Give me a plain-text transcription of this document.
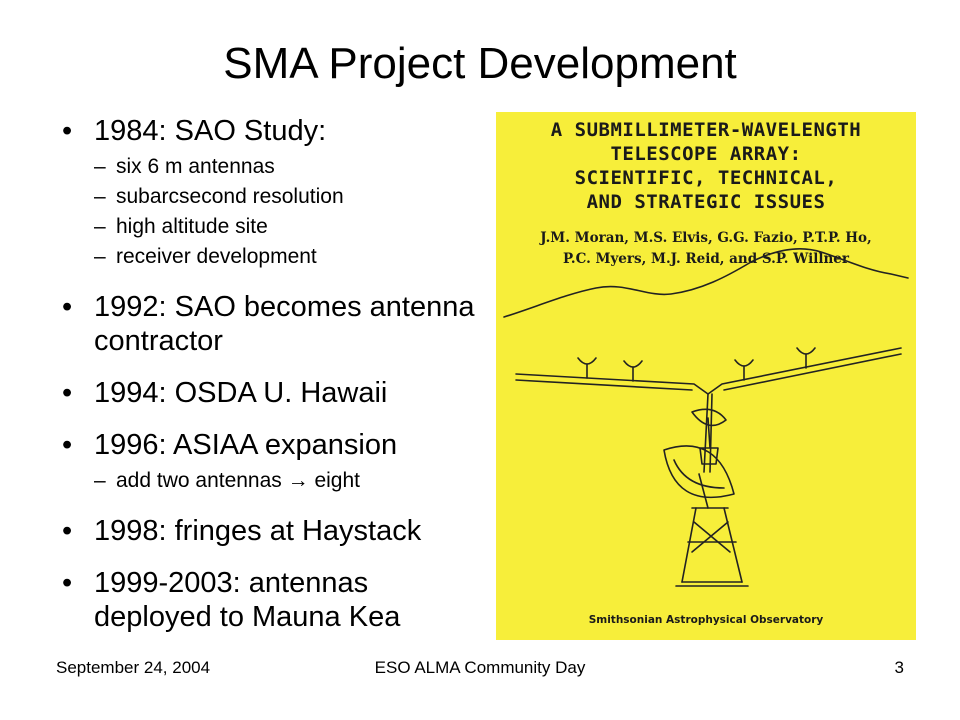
SMA Project Development
• 1984: SAO Study:
– six 6 m antennas
– subarcsecond resolution
– high altitude site
– receiver development
• 1992: SAO becomes antenna contractor
• 1994: OSDA U. Hawaii
• 1996: ASIAA expansion
– add two antennas → eight
• 1998: fringes at Haystack
• 1999-2003: antennas deployed to Mauna Kea
A SUBMILLIMETER-WAVELENGTH
TELESCOPE ARRAY:
SCIENTIFIC, TECHNICAL,
AND STRATEGIC ISSUES
J.M. Moran, M.S. Elvis, G.G. Fazio, P.T.P. Ho,
P.C. Myers, M.J. Reid, and S.P. Willner
Smithsonian Astrophysical Observatory
September 24, 2004	ESO ALMA Community Day	3
